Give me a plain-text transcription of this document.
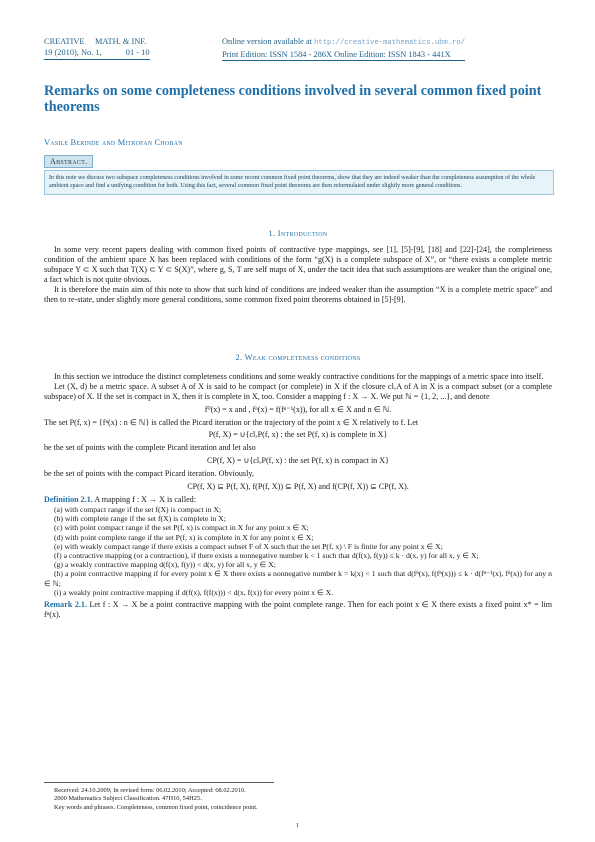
CREATIVE     MATH. & INF.
19 (2010), No. 1,	01 - 10
Online version available at http://creative-mathematics.ubm.ro/
Print Edition: ISSN 1584 - 286X Online Edition: ISSN 1843 - 441X
Remarks on some completeness conditions involved in several common fixed point theorems
Vasile Berinde and Mitrofan Choban
Abstract.
In this note we discuss two subspace completeness conditions involved in some recent common fixed point theorems, show that they are indeed weaker than the completeness assumption of the whole ambient space and find a unifying condition for both. Using this fact, several common fixed point theorems are then reformulated under slightly more general conditions.
1. Introduction

In some very recent papers dealing with common fixed points of contractive type mappings, see [1], [5]-[9], [18] and [22]-[24], the completeness condition of the ambient space X has been replaced with conditions of the form “g(X) is a complete subspace of X”, or “there exists a complete metric subspace Y ⊂ X such that T(X) ⊂ Y ⊂ S(X)”, where g, S, T are self maps of X, under the tacit idea that such assumptions are weaker than the original one, a fact which is not quite obvious.

It is therefore the main aim of this note to show that such kind of conditions are indeed weaker than the assumption “X is a complete metric space” and then to re-state, under slightly more general conditions, some common fixed point theorems obtained in [5]-[9].

2. Weak completeness conditions

In this section we introduce the distinct completeness conditions and some weakly contractive conditions for the mappings of a metric space into itself.

Let (X, d) be a metric space. A subset A of X is said to be compact (or complete) in X if the closure clₓA of A in X is a compact subset (or a complete subspace) of X. If the set is compact in X, then it is complete in X, too. Consider a mapping f : X → X. We put ℕ = {1, 2, ...}, and denote

f⁰(x) = x and , fⁿ(x) = f(fⁿ⁻¹(x)), for all x ∈ X and n ∈ ℕ.

The set P(f, x) = {fⁿ(x) : n ∈ ℕ} is called the Picard iteration or the trajectory of the point x ∈ X relatively to f. Let

P(f, X) = ∪{clₓP(f, x) : the set P(f, x) is complete in X}

be the set of points with the complete Picard iteration and let also

CP(f, X) = ∪{clₓP(f, x) : the set P(f, x) is compact in X}

be the set of points with the compact Picard iteration. Obviously,

CP(f, X) ⊆ P(f, X), f(P(f, X)) ⊆ P(f, X) and f(CP(f, X)) ⊆ CP(f, X).

Definition 2.1. A mapping f : X → X is called:

(a) with compact range if the set f(X) is compact in X;

(b) with complete range if the set f(X) is complete in X;

(c) with point compact range if the set P(f, x) is compact in X for any point x ∈ X;

(d) with point complete range if the set P(f, x) is complete in X for any point x ∈ X;

(e) with weakly compact range if there exists a compact subset F of X such that the set P(f, x) \ F is finite for any point x ∈ X;

(f) a contractive mapping (or a contraction), if there exists a nonnegative number k < 1 such that d(f(x), f(y)) ≤ k · d(x, y) for all x, y ∈ X;

(g) a weakly contractive mapping d(f(x), f(y)) < d(x, y) for all x, y ∈ X;

(h) a point contractive mapping if for every point x ∈ X there exists a nonnegative number k = k(x) < 1 such that d(fⁿ(x), f(fⁿ(x))) ≤ k · d(fⁿ⁻¹(x), fⁿ(x)) for any n ∈ ℕ;

(i) a weakly point contractive mapping if d(f(x), f(f(x))) < d(x, f(x)) for every point x ∈ X.

Remark 2.1. Let f : X → X be a point contractive mapping with the point complete range. Then for each point x ∈ X there exists a fixed point x* = lim fⁿ(x).

Received: 24.10.2009; In revised form: 06.02.2010; Accepted: 08.02.2010.
2000 Mathematics Subject Classification. 47H10, 54H25.
Key words and phrases. Completeness, common fixed point, coincidence point.
1
